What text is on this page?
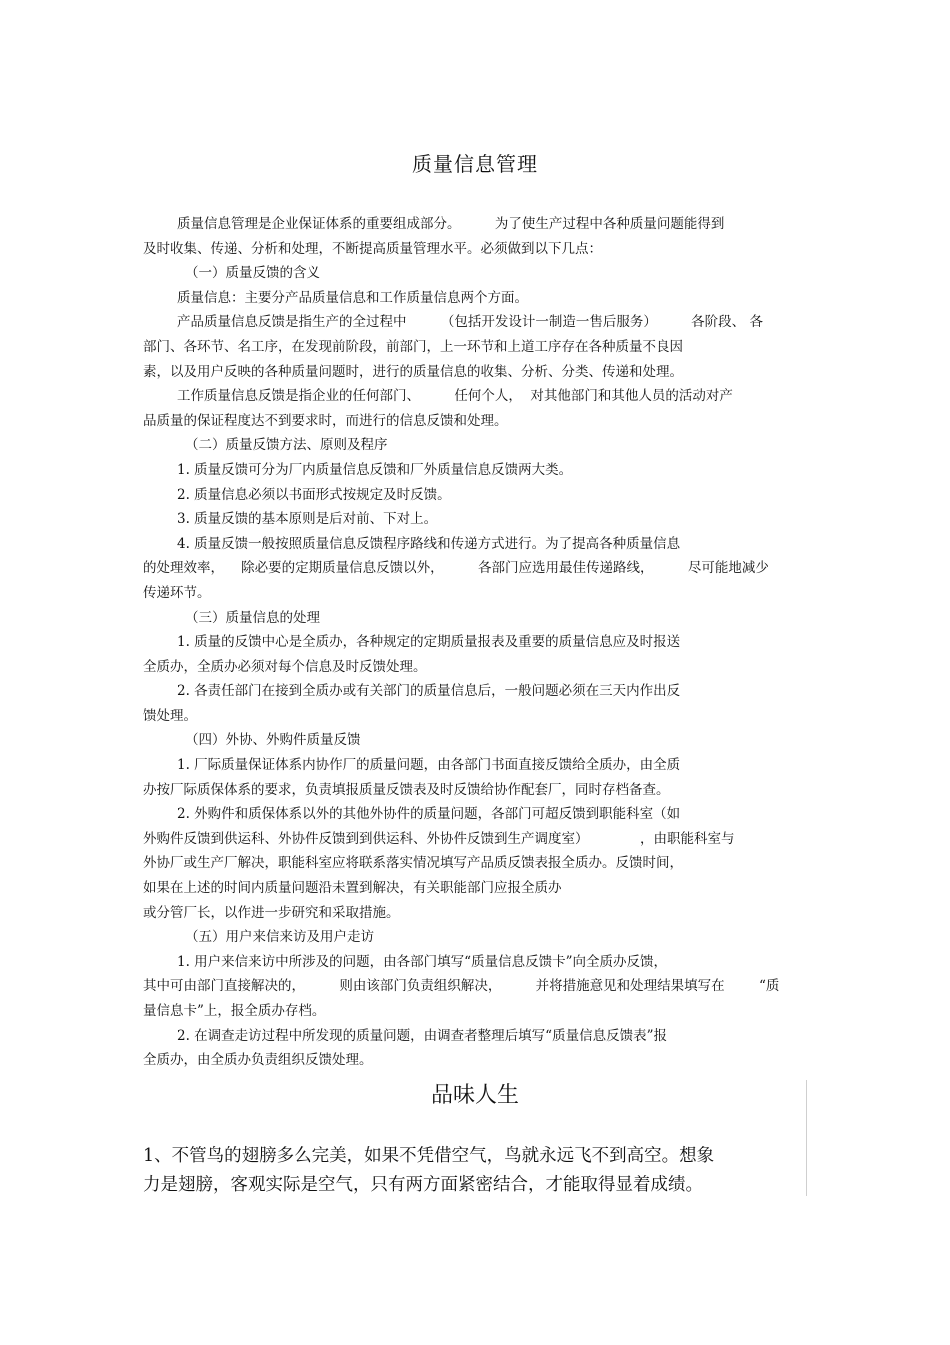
质量信息管理
质量信息管理是企业保证体系的重要组成部分。        为了使生产过程中各种质量问题能得到
及时收集、传递、分析和处理，不断提高质量管理水平。必须做到以下几点：
（一）质量反馈的含义
质量信息：主要分产品质量信息和工作质量信息两个方面。
产品质量信息反馈是指生产的全过程中        （包括开发设计一制造一售后服务）        各阶段、 各
部门、各环节、名工序，在发现前阶段，前部门，上一环节和上道工序存在各种质量不良因
素，以及用户反映的各种质量问题时，进行的质量信息的收集、分析、分类、传递和处理。
工作质量信息反馈是指企业的任何部门、        任何个人，  对其他部门和其他人员的活动对产
品质量的保证程度达不到要求时，而进行的信息反馈和处理。
（二）质量反馈方法、原则及程序
1. 质量反馈可分为厂内质量信息反馈和厂外质量信息反馈两大类。
2. 质量信息必须以书面形式按规定及时反馈。
3. 质量反馈的基本原则是后对前、下对上。
4. 质量反馈一般按照质量信息反馈程序路线和传递方式进行。为了提高各种质量信息
的处理效率，    除必要的定期质量信息反馈以外，        各部门应选用最佳传递路线，        尽可能地减少
传递环节。
（三）质量信息的处理
1. 质量的反馈中心是全质办，各种规定的定期质量报表及重要的质量信息应及时报送
全质办，全质办必须对每个信息及时反馈处理。
2. 各责任部门在接到全质办或有关部门的质量信息后，一般问题必须在三天内作出反
馈处理。
（四）外协、外购件质量反馈
1. 厂际质量保证体系内协作厂的质量问题，由各部门书面直接反馈给全质办，由全质
办按厂际质保体系的要求，负责填报质量反馈表及时反馈给协作配套厂，同时存档备查。
2. 外购件和质保体系以外的其他外协件的质量问题，各部门可超反馈到职能科室（如
外购件反馈到供运科、外协件反馈到到供运科、外协件反馈到生产调度室）            ，由职能科室与
外协厂或生产厂解决，职能科室应将联系落实情况填写产品质反馈表报全质办。反馈时间，
如果在上述的时间内质量问题沿未置到解决，有关职能部门应报全质办
或分管厂长，以作进一步研究和采取措施。
（五）用户来信来访及用户走访
1. 用户来信来访中所涉及的问题，由各部门填写“质量信息反馈卡”向全质办反馈，
其中可由部门直接解决的，        则由该部门负责组织解决，        并将措施意见和处理结果填写在        “质
量信息卡”上，报全质办存档。
2. 在调查走访过程中所发现的质量问题，由调查者整理后填写“质量信息反馈表”报
全质办，由全质办负责组织反馈处理。
品味人生
1、不管鸟的翅膀多么完美，如果不凭借空气，鸟就永远飞不到高空。想象
力是翅膀，客观实际是空气，只有两方面紧密结合，才能取得显着成绩。
